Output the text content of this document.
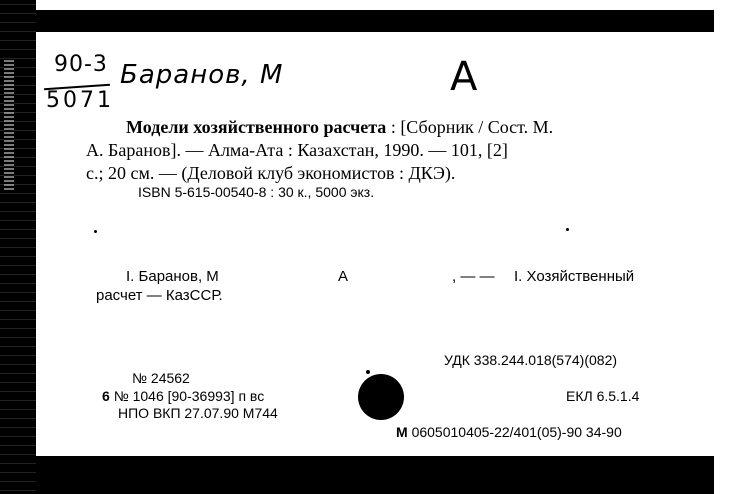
90-3
5071
Баранов, М	А
Модели хозяйственного расчета : [Сборник / Сост. М.
А. Баранов]. — Алма-Ата : Казахстан, 1990. — 101, [2]
с.; 20 см. — (Деловой клуб экономистов : ДКЭ).
ISBN 5-615-00540-8 : 30 к., 5000 экз.
I. Баранов, М	А	, — — I. Хозяйственный
расчет — КазССР.
УДК 338.244.018(574)(082)
№ 24562
6 № 1046 [90-36993] п вс	ЕКЛ 6.5.1.4
НПО ВКП 27.07.90 М744
М 0605010405-22/401(05)-90 34-90
